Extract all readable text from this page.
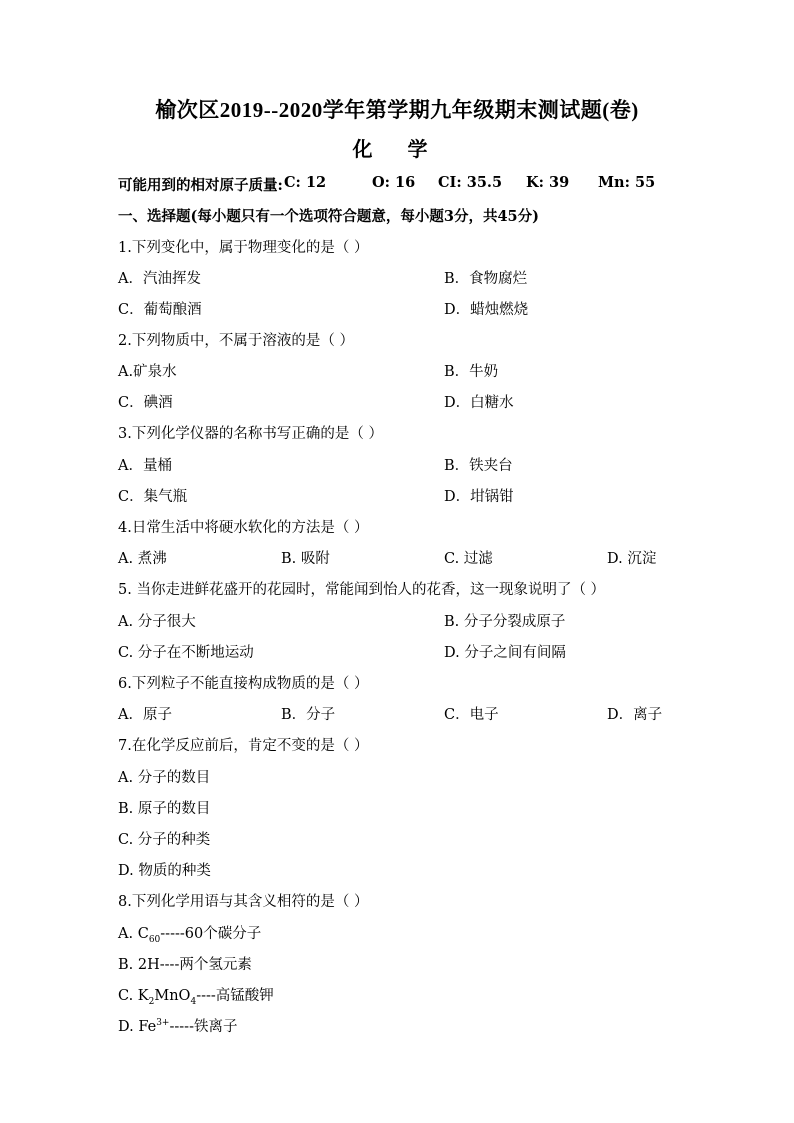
榆次区2019--2020学年第学期九年级期末测试题(卷)
化 学
可能用到的相对原子质量: C: 12	O: 16 CI: 35.5 K: 39 Mn: 55
一、选择题(每小题只有一个选项符合题意，每小题3分，共45分)
1.下列变化中，属于物理变化的是（ ）
A．汽油挥发	B．食物腐烂
C．葡萄酿酒	D．蜡烛燃烧
2.下列物质中，不属于溶液的是（ ）
A.矿泉水	B．牛奶
C．碘酒	D．白糖水
3.下列化学仪器的名称书写正确的是（ ）
A．量桶	B．铁夹台
C．集气瓶	D．坩锅钳
4.日常生活中将硬水软化的方法是（ ）
A. 煮沸	B. 吸附	C. 过滤	D. 沉淀
5. 当你走进鲜花盛开的花园时，常能闻到怡人的花香，这一现象说明了（ ）
A. 分子很大	B. 分子分裂成原子
C. 分子在不断地运动	D. 分子之间有间隔
6.下列粒子不能直接构成物质的是（ ）
A．原子	B．分子	C．电子	D．离子
7.在化学反应前后，肯定不变的是（ ）
A. 分子的数目
B. 原子的数目
C. 分子的种类
D. 物质的种类
8.下列化学用语与其含义相符的是（ ）
A. $C_{60}-----60$个碳分子
B. 2H----两个氢元素
C. $K_2MnO_4----$高锰酸钾
D. $Fe^{3+}-----$铁离子
